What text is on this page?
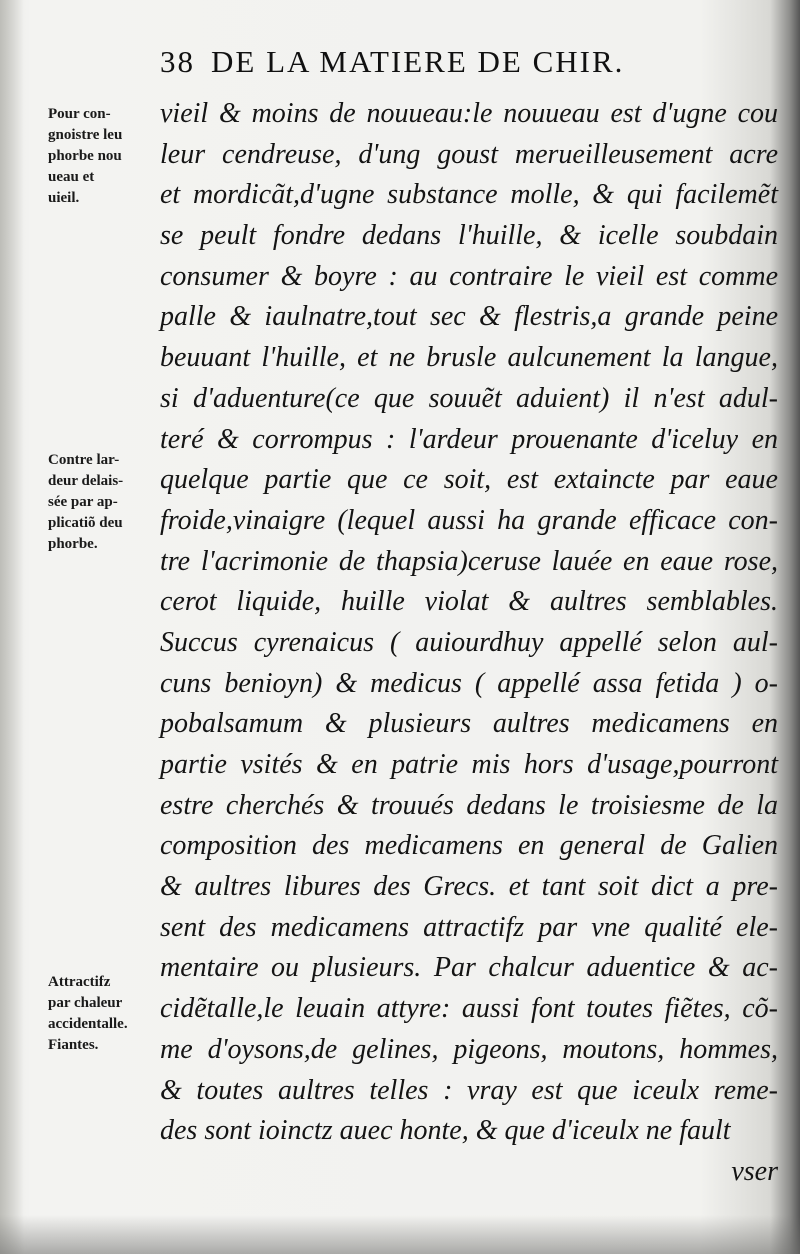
38 DE LA MATIERE DE CHIR.
vieil & moins de nouueau:le nouueau est d'ugne cou
leur cendreuse, d'ung goust merueilleusement acre
et mordicãt,d'ugne substance molle, & qui facilemẽt
se peult fondre dedans l'huille, & icelle soubdain
consumer & boyre : au contraire le vieil est comme
palle & iaulnatre,tout sec & flestris,a grande peine
beuuant l'huille, et ne brusle aulcunement la langue,
si d'aduenture(ce que souuẽt aduient) il n'est adul-
teré & corrompus : l'ardeur prouenante d'iceluy en
quelque partie que ce soit, est extaincte par eaue
froide,vinaigre (lequel aussi ha grande efficace con-
tre l'acrimonie de thapsia)ceruse lauée en eaue rose,
cerot liquide, huille violat & aultres semblables.
Succus cyrenaicus ( auiourdhuy appellé selon aul-
cuns benioyn) & medicus ( appellé assa fetida ) o-
pobalsamum & plusieurs aultres medicamens en
partie vsités & en patrie mis hors d'usage,pourront
estre cherchés & trouués dedans le troisiesme de la
composition des medicamens en general de Galien
& aultres libures des Grecs. et tant soit dict a pre-
sent des medicamens attractifz par vne qualité ele-
mentaire ou plusieurs. Par chalcur aduentice & ac-
cidẽtalle,le leuain attyre: aussi font toutes fiẽtes, cõ-
me d'oysons,de gelines, pigeons, moutons, hommes,
& toutes aultres telles : vray est que iceulx reme-
des sont ioinctz auec honte, & que d'iceulx ne fault
vser
Pour con-
gnoistre leu
phorbe nou
ueau et
uieil.
Contre lar-
deur delais-
sée par ap-
plicatiõ deu
phorbe.
Attractifz
par chaleur
accidentalle.
Fiantes.
